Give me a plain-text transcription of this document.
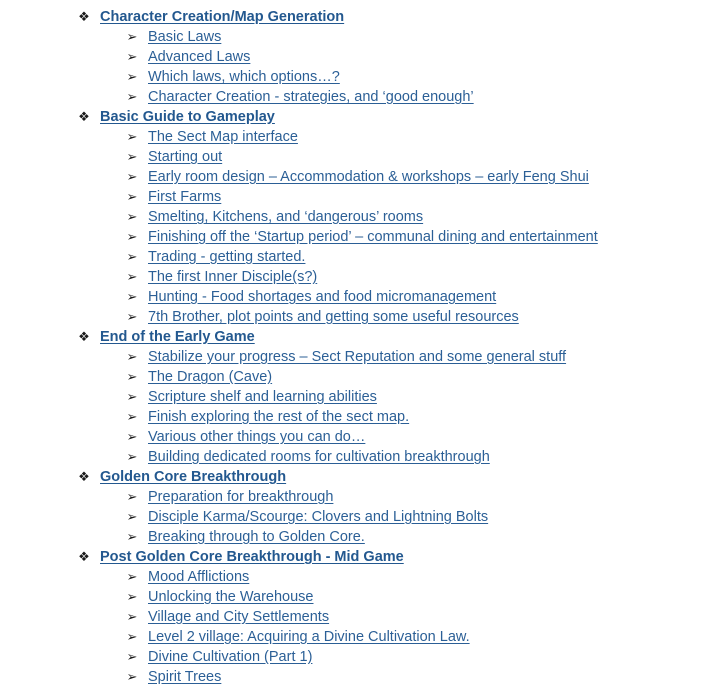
❖ Character Creation/Map Generation
➢ Basic Laws
➢ Advanced Laws
➢ Which laws, which options…?
➢ Character Creation - strategies, and ‘good enough’
❖ Basic Guide to Gameplay
➢ The Sect Map interface
➢ Starting out
➢ Early room design – Accommodation & workshops – early Feng Shui
➢ First Farms
➢ Smelting, Kitchens, and ‘dangerous’ rooms
➢ Finishing off the ‘Startup period’ – communal dining and entertainment
➢ Trading - getting started.
➢ The first Inner Disciple(s?)
➢ Hunting - Food shortages and food micromanagement
➢ 7th Brother, plot points and getting some useful resources
❖ End of the Early Game
➢ Stabilize your progress – Sect Reputation and some general stuff
➢ The Dragon (Cave)
➢ Scripture shelf and learning abilities
➢ Finish exploring the rest of the sect map.
➢ Various other things you can do…
➢ Building dedicated rooms for cultivation breakthrough
❖ Golden Core Breakthrough
➢ Preparation for breakthrough
➢ Disciple Karma/Scourge: Clovers and Lightning Bolts
➢ Breaking through to Golden Core.
❖ Post Golden Core Breakthrough - Mid Game
➢ Mood Afflictions
➢ Unlocking the Warehouse
➢ Village and City Settlements
➢ Level 2 village: Acquiring a Divine Cultivation Law.
➢ Divine Cultivation (Part 1)
➢ Spirit Trees
